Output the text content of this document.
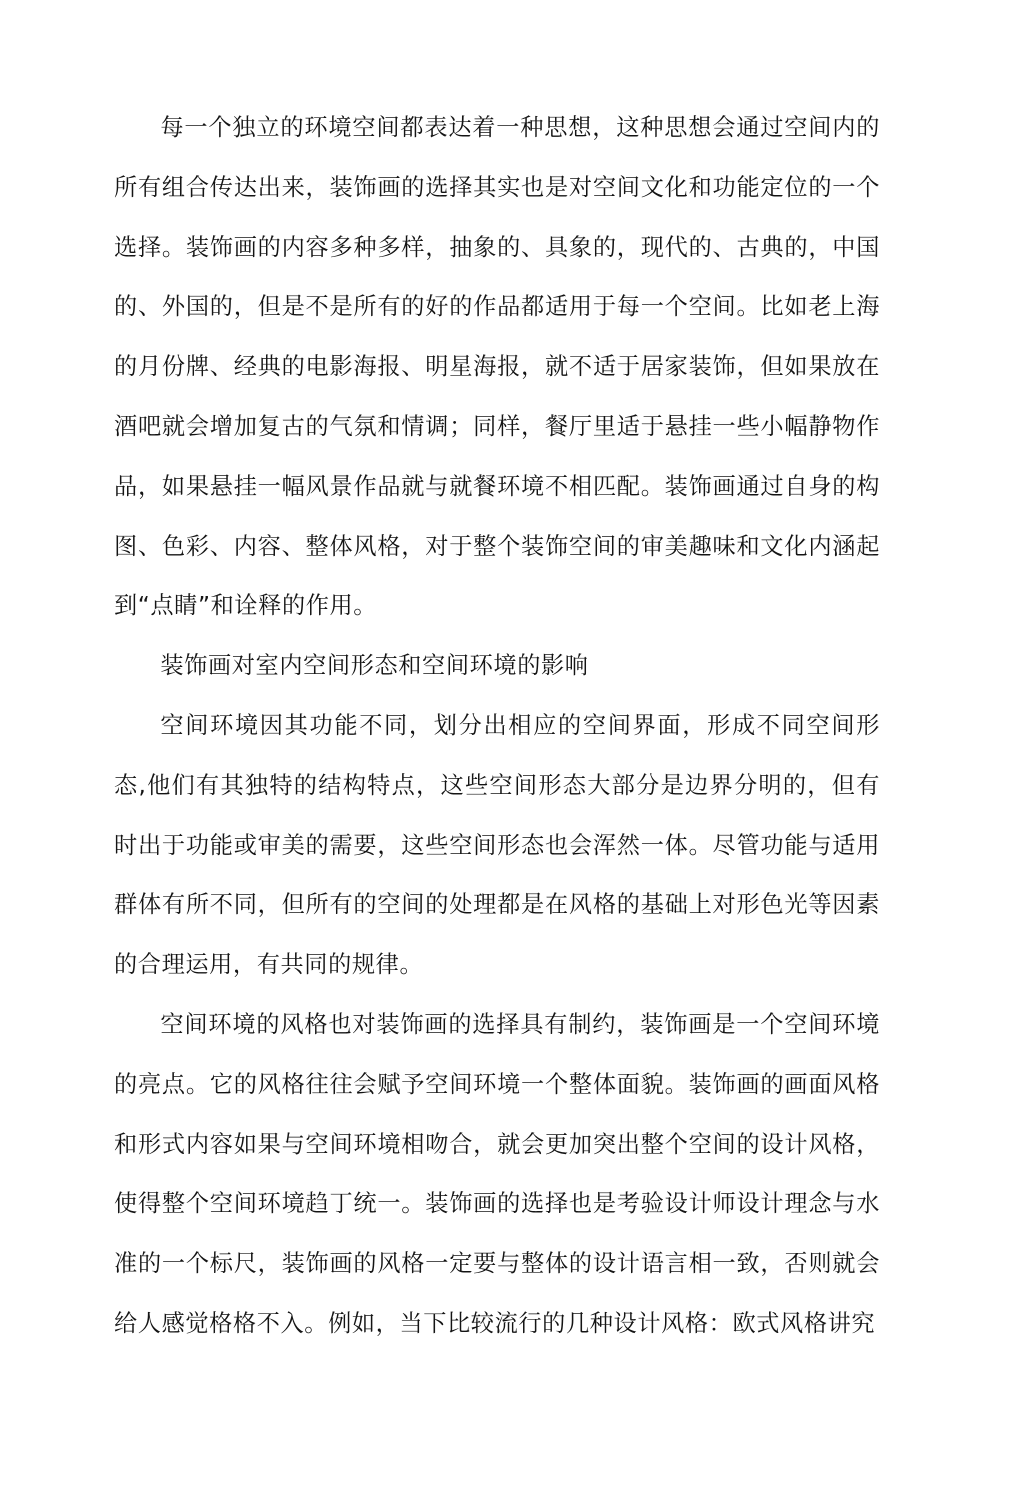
每一个独立的环境空间都表达着一种思想，这种思想会通过空间内的所有组合传达出来，装饰画的选择其实也是对空间文化和功能定位的一个选择。装饰画的内容多种多样，抽象的、具象的，现代的、古典的，中国的、外国的，但是不是所有的好的作品都适用于每一个空间。比如老上海的月份牌、经典的电影海报、明星海报，就不适于居家装饰，但如果放在酒吧就会增加复古的气氛和情调；同样，餐厅里适于悬挂一些小幅静物作品，如果悬挂一幅风景作品就与就餐环境不相匹配。装饰画通过自身的构图、色彩、内容、整体风格，对于整个装饰空间的审美趣味和文化内涵起到“点睛”和诠释的作用。

装饰画对室内空间形态和空间环境的影响

空间环境因其功能不同，划分出相应的空间界面，形成不同空间形态,他们有其独特的结构特点，这些空间形态大部分是边界分明的，但有时出于功能或审美的需要，这些空间形态也会浑然一体。尽管功能与适用群体有所不同，但所有的空间的处理都是在风格的基础上对形色光等因素的合理运用，有共同的规律。

空间环境的风格也对装饰画的选择具有制约，装饰画是一个空间环境的亮点。它的风格往往会赋予空间环境一个整体面貌。装饰画的画面风格和形式内容如果与空间环境相吻合，就会更加突出整个空间的设计风格，使得整个空间环境趋丁统一。装饰画的选择也是考验设计师设计理念与水准的一个标尺，装饰画的风格一定要与整体的设计语言相一致，否则就会给人感觉格格不入。例如，当下比较流行的几种设计风格：欧式风格讲究
